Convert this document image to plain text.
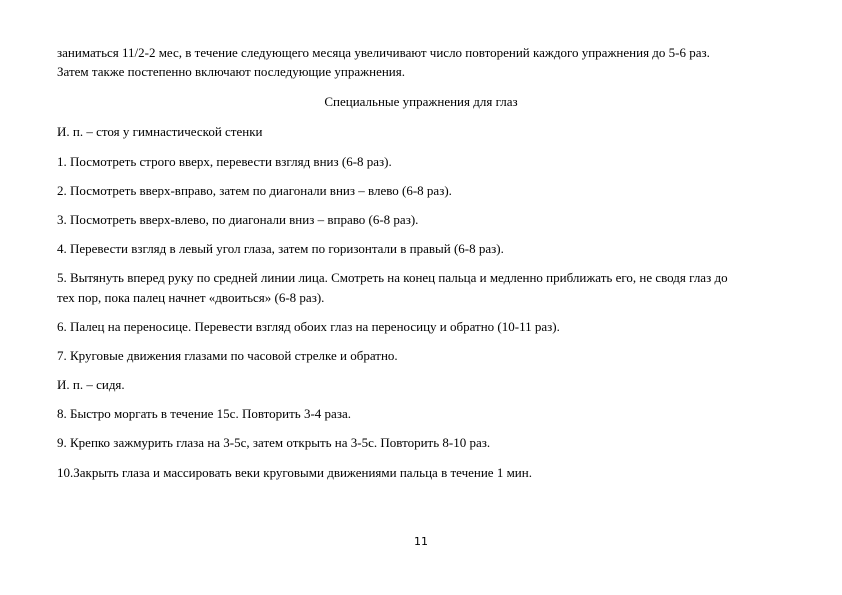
заниматься 11/2-2 мес, в течение следующего месяца увеличивают число повторений каждого упражнения до 5-6 раз.
Затем также постепенно включают последующие упражнения.
Специальные упражнения для глаз
И. п. – стоя у гимнастической стенки
1. Посмотреть строго вверх, перевести взгляд вниз (6-8 раз).
2. Посмотреть вверх-вправо, затем по диагонали вниз – влево (6-8 раз).
3. Посмотреть вверх-влево, по диагонали вниз – вправо (6-8 раз).
4. Перевести взгляд в левый угол глаза, затем по горизонтали в правый (6-8 раз).
5. Вытянуть вперед руку по средней линии лица. Смотреть на конец пальца и медленно приближать его, не сводя глаз до
тех пор, пока палец начнет «двоиться» (6-8 раз).
6. Палец на переносице. Перевести взгляд обоих глаз на переносицу и обратно (10-11 раз).
7. Круговые движения глазами по часовой стрелке и обратно.
И. п. – сидя.
8. Быстро моргать в течение 15с. Повторить 3-4 раза.
9. Крепко зажмурить глаза на 3-5с, затем открыть на 3-5с. Повторить 8-10 раз.
10.Закрыть глаза и массировать веки круговыми движениями пальца в течение 1 мин.
11
